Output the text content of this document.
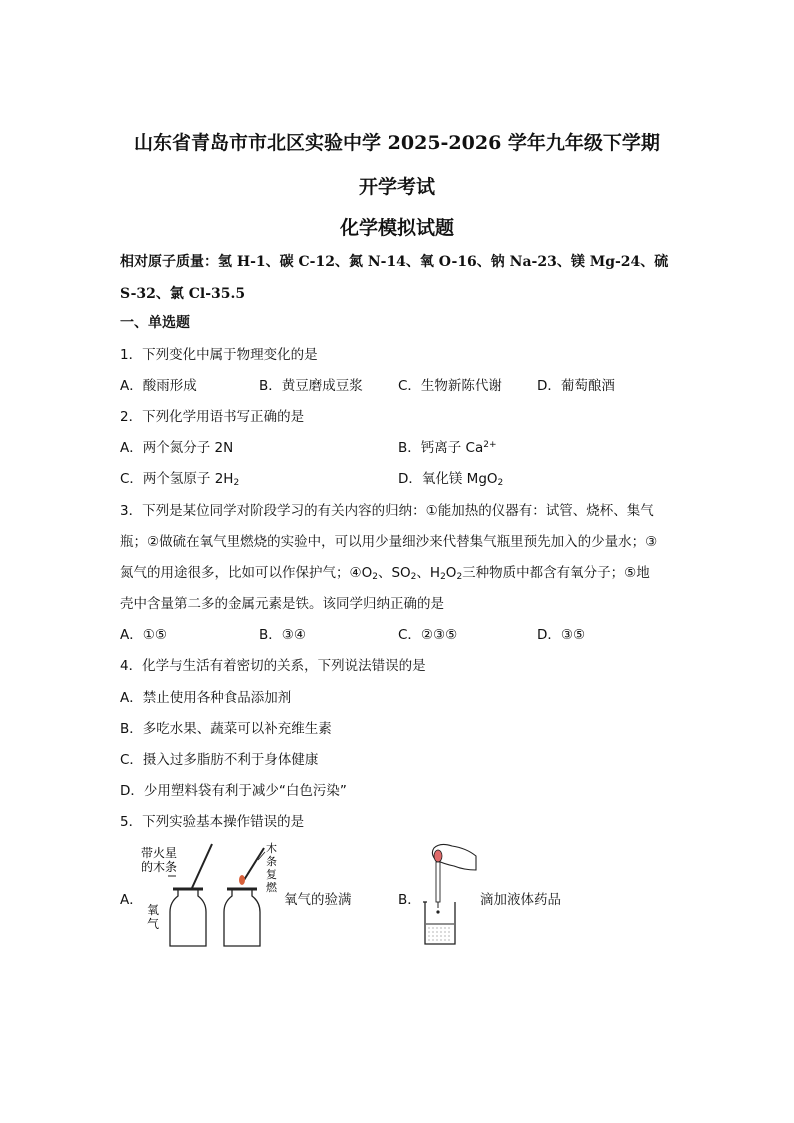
山东省青岛市市北区实验中学 2025-2026 学年九年级下学期
开学考试
化学模拟试题
相对原子质量：氢 H-1、碳 C-12、氮 N-14、氧 O-16、钠 Na-23、镁 Mg-24、硫
S-32、氯 Cl-35.5
一、单选题
1．下列变化中属于物理变化的是
A．酸雨形成	B．黄豆磨成豆浆	C．生物新陈代谢	D．葡萄酿酒
2．下列化学用语书写正确的是
A．两个氮分子 2N	B．钙离子 $Ca^{2+}$
C．两个氢原子 $2H_2$	D．氧化镁 MgO$_2$
3．下列是某位同学对阶段学习的有关内容的归纳：①能加热的仪器有：试管、烧杯、集气
瓶；②做硫在氧气里燃烧的实验中，可以用少量细沙来代替集气瓶里预先加入的少量水；③
氮气的用途很多，比如可以作保护气；$④O_2$、$SO_2$、$H_2O_2$三种物质中都含有氧分子；⑤地
壳中含量第二多的金属元素是铁。该同学归纳正确的是
A．①⑤	B．③④	C．②③⑤	D．③⑤
4．化学与生活有着密切的关系，下列说法错误的是
A．禁止使用各种食品添加剂
B．多吃水果、蔬菜可以补充维生素
C．摄入过多脂肪不利于身体健康
D．少用塑料袋有利于减少“白色污染”
5．下列实验基本操作错误的是
A．
带火星
的木条
氧
气
木
条
复
燃
氧气的验满	B．	滴加液体药品
